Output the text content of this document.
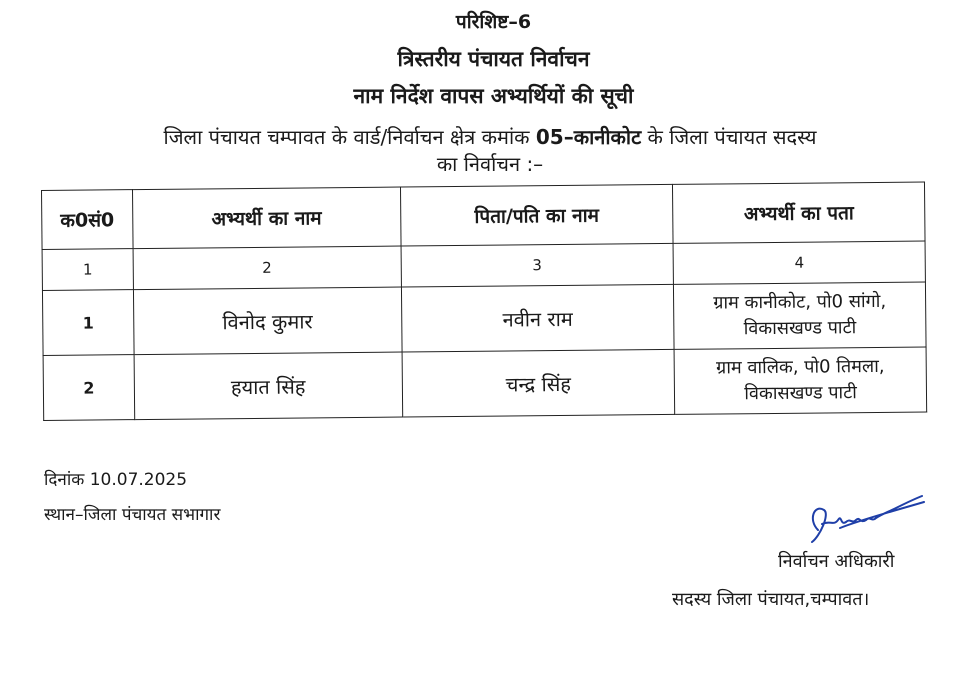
परिशिष्ट–6
त्रिस्तरीय पंचायत निर्वाचन
नाम निर्देश वापस अभ्यर्थियों की सूची
जिला पंचायत चम्पावत के वार्ड/निर्वाचन क्षेत्र कमांक 05–कानीकोट के जिला पंचायत सदस्य
का निर्वाचन :–
क0सं0	अभ्यर्थी का नाम	पिता/पति का नाम	अभ्यर्थी का पता
1	2	3	4
1	विनोद कुमार	नवीन राम	ग्राम कानीकोट, पो0 सांगो,
विकासखण्ड पाटी

2	हयात सिंह	चन्द्र सिंह	ग्राम वालिक, पो0 तिमला,
विकासखण्ड पाटी
दिनांक 10.07.2025
स्थान–जिला पंचायत सभागार
निर्वाचन अधिकारी
सदस्य जिला पंचायत,चम्पावत।
